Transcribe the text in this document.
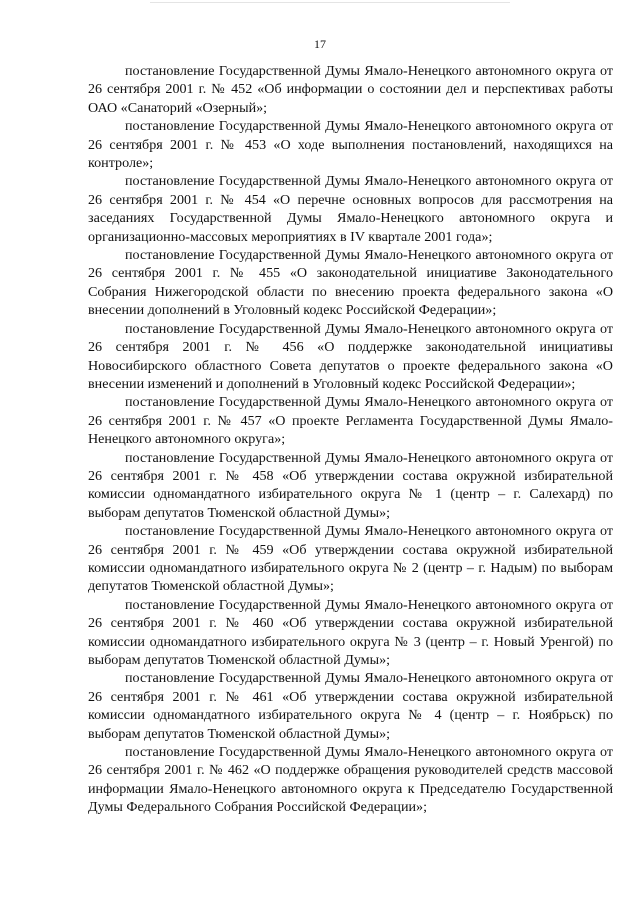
17

постановление Государственной Думы Ямало-Ненецкого автономного округа от 26 сентября 2001 г. № 452 «Об информации о состоянии дел и перспективах работы ОАО «Санаторий «Озерный»;

постановление Государственной Думы Ямало-Ненецкого автономного округа от 26 сентября 2001 г. № 453 «О ходе выполнения постановлений, находящихся на контроле»;

постановление Государственной Думы Ямало-Ненецкого автономного округа от 26 сентября 2001 г. № 454 «О перечне основных вопросов для рассмотрения на заседаниях Государственной Думы Ямало-Ненецкого автономного округа и организационно-массовых мероприятиях в IV квартале 2001 года»;

постановление Государственной Думы Ямало-Ненецкого автономного округа от 26 сентября 2001 г. № 455 «О законодательной инициативе Законодательного Собрания Нижегородской области по внесению проекта федерального закона «О внесении дополнений в Уголовный кодекс Российской Федерации»;

постановление Государственной Думы Ямало-Ненецкого автономного округа от 26 сентября 2001 г. № 456 «О поддержке законодательной инициативы Новосибирского областного Совета депутатов о проекте федерального закона «О внесении изменений и дополнений в Уголовный кодекс Российской Федерации»;

постановление Государственной Думы Ямало-Ненецкого автономного округа от 26 сентября 2001 г. № 457 «О проекте Регламента Государственной Думы Ямало-Ненецкого автономного округа»;

постановление Государственной Думы Ямало-Ненецкого автономного округа от 26 сентября 2001 г. № 458 «Об утверждении состава окружной избирательной комиссии одномандатного избирательного округа № 1 (центр – г. Салехард) по выборам депутатов Тюменской областной Думы»;

постановление Государственной Думы Ямало-Ненецкого автономного округа от 26 сентября 2001 г. № 459 «Об утверждении состава окружной избирательной комиссии одномандатного избирательного округа № 2 (центр – г. Надым) по выборам депутатов Тюменской областной Думы»;

постановление Государственной Думы Ямало-Ненецкого автономного округа от 26 сентября 2001 г. № 460 «Об утверждении состава окружной избирательной комиссии одномандатного избирательного округа № 3 (центр – г. Новый Уренгой) по выборам депутатов Тюменской областной Думы»;

постановление Государственной Думы Ямало-Ненецкого автономного округа от 26 сентября 2001 г. № 461 «Об утверждении состава окружной избирательной комиссии одномандатного избирательного округа № 4 (центр – г. Ноябрьск) по выборам депутатов Тюменской областной Думы»;

постановление Государственной Думы Ямало-Ненецкого автономного округа от 26 сентября 2001 г. № 462 «О поддержке обращения руководителей средств массовой информации Ямало-Ненецкого автономного округа к Председателю Государственной Думы Федерального Собрания Российской Федерации»;
